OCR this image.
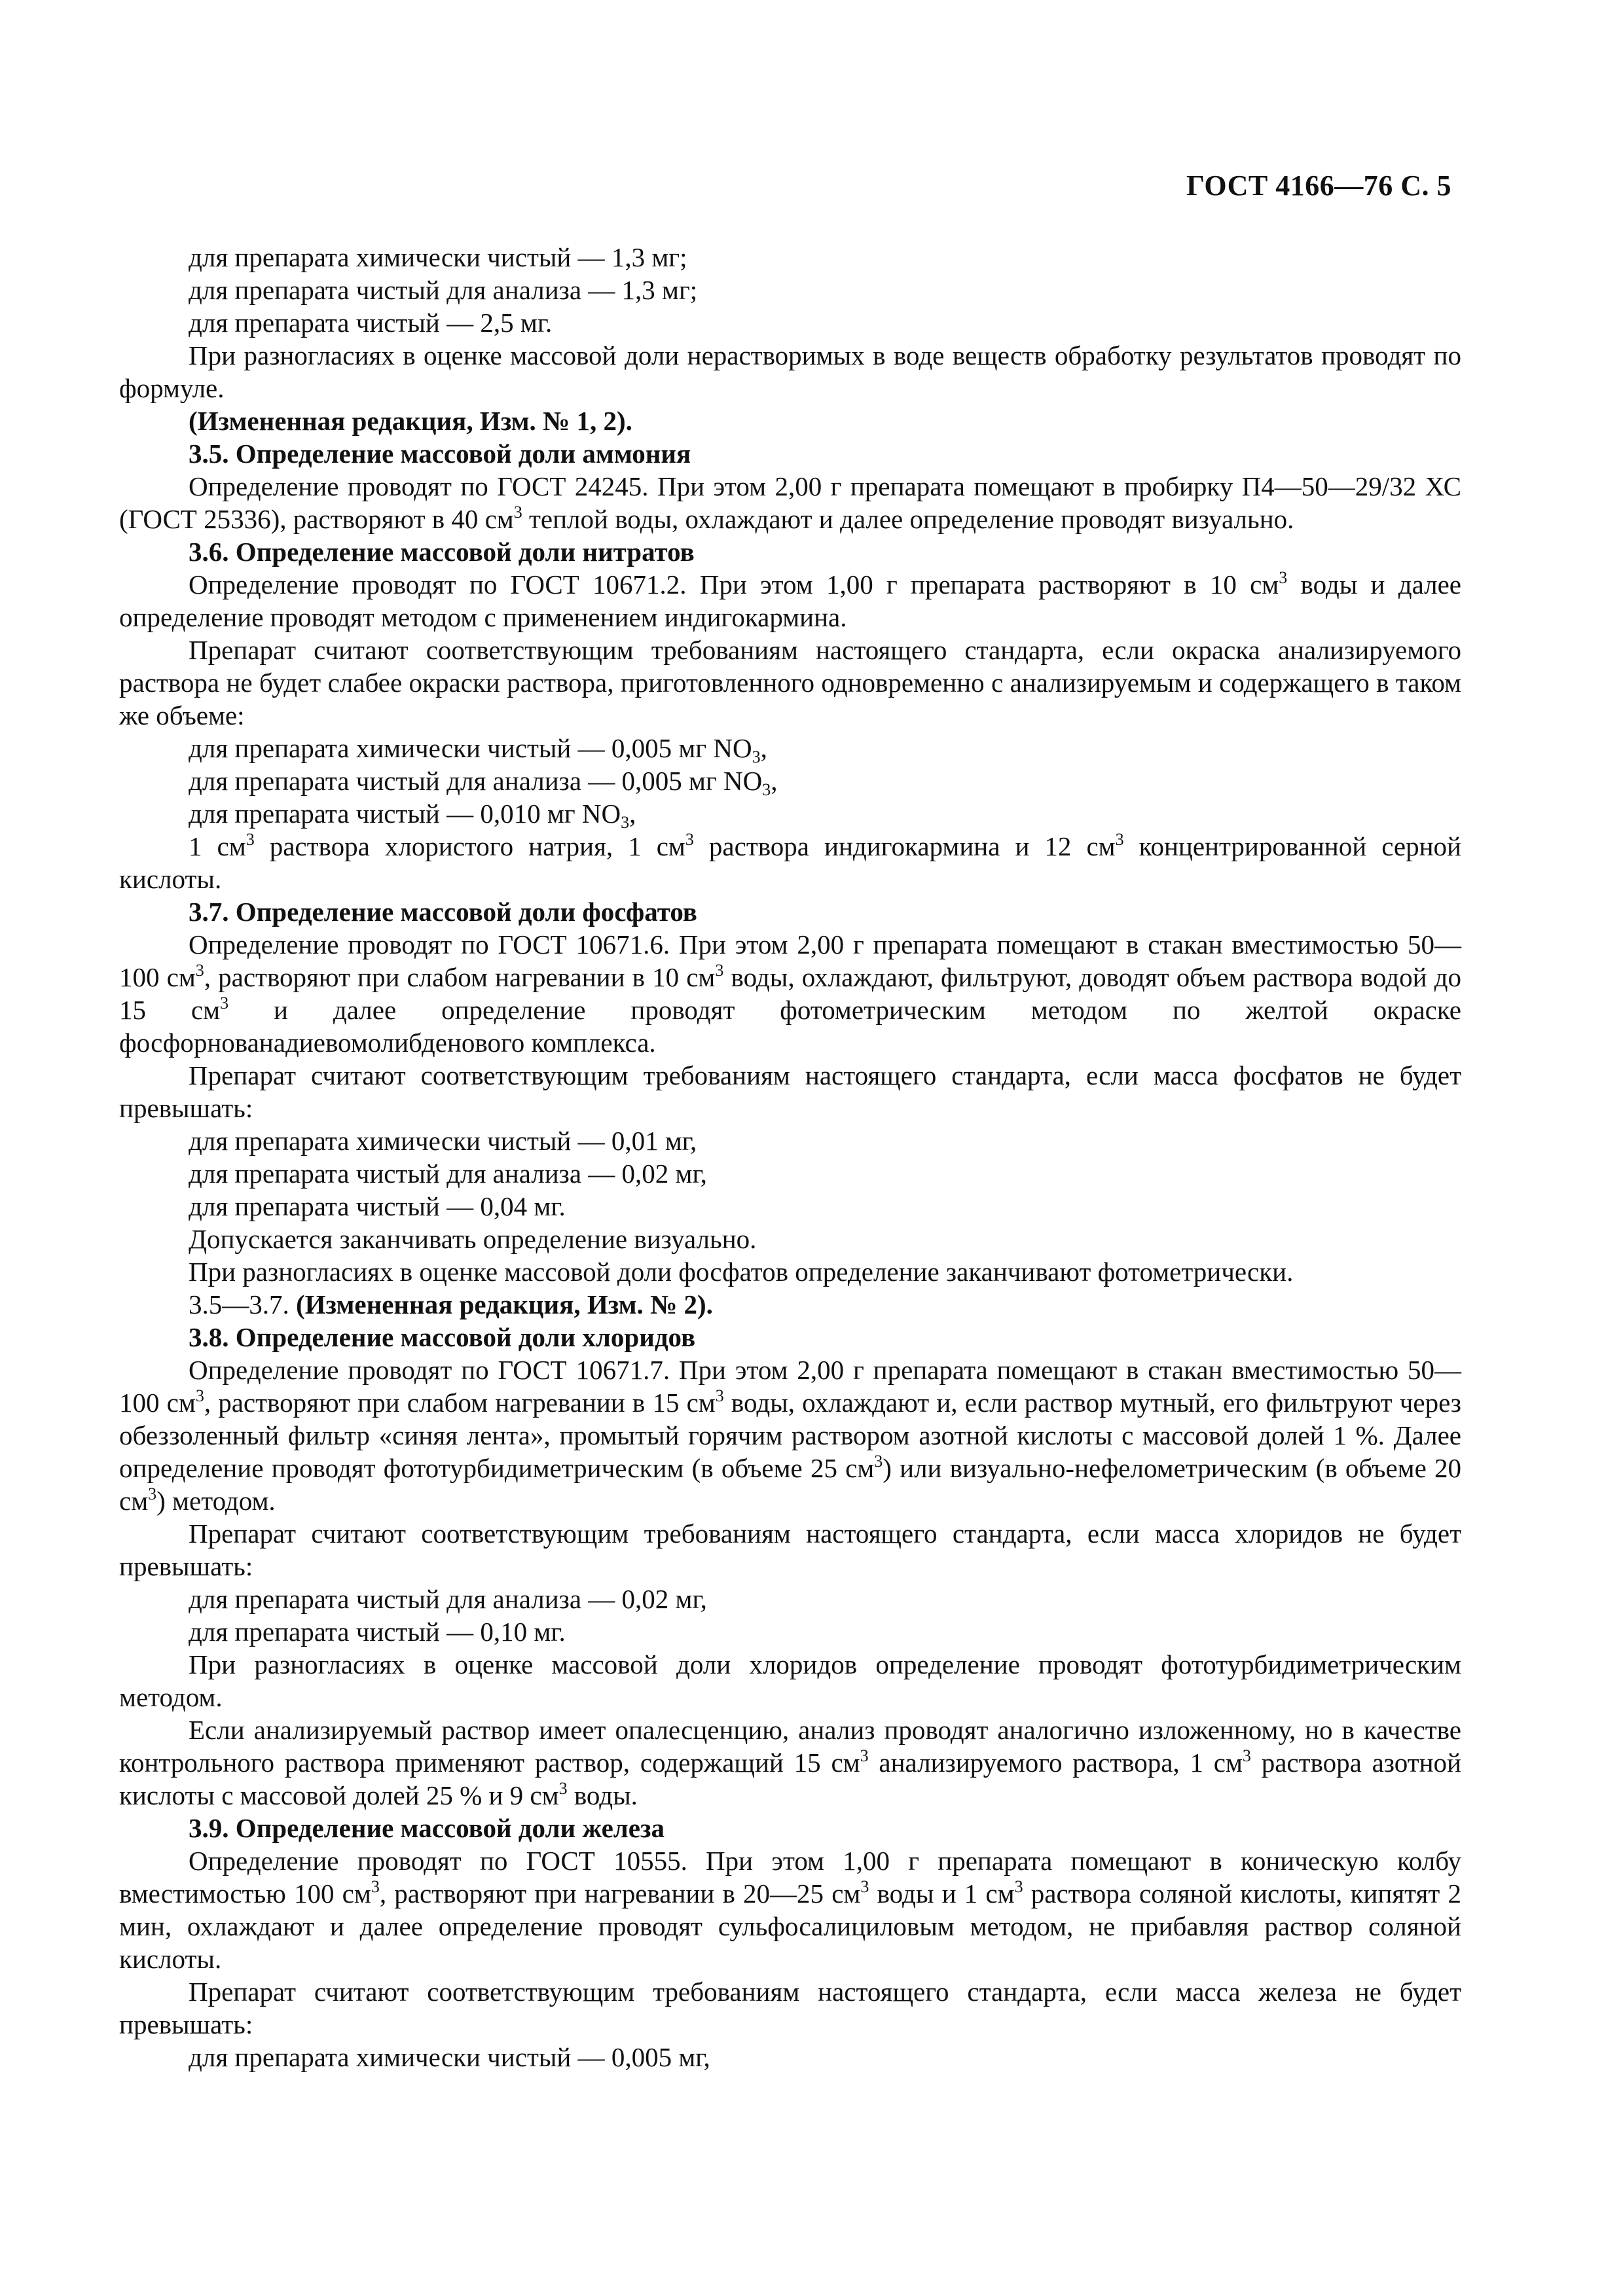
ГОСТ 4166—76 С. 5

для препарата химически чистый — 1,3 мг;

для препарата чистый для анализа — 1,3 мг;

для препарата чистый — 2,5 мг.

При разногласиях в оценке массовой доли нерастворимых в воде веществ обработку результатов проводят по формуле.

(Измененная редакция, Изм. № 1, 2).

3.5. Определение массовой доли аммония

Определение проводят по ГОСТ 24245. При этом 2,00 г препарата помещают в пробирку П4—50—29/32 ХС (ГОСТ 25336), растворяют в 40 $см^3$ теплой воды, охлаждают и далее определение проводят визуально.

3.6. Определение массовой доли нитратов

Определение проводят по ГОСТ 10671.2. При этом 1,00 г препарата растворяют в 10 $см^3$ воды и далее определение проводят методом с применением индигокармина.

Препарат считают соответствующим требованиям настоящего стандарта, если окраска анализируемого раствора не будет слабее окраски раствора, приготовленного одновременно с анализируемым и содержащего в таком же объеме:

для препарата химически чистый — 0,005 мг $NO_3$,

для препарата чистый для анализа — 0,005 мг $NO_3$,

для препарата чистый — 0,010 мг $NO_3$,

1 $см^3$ раствора хлористого натрия, 1 $см^3$ раствора индигокармина и 12 $см^3$ концентрированной серной кислоты.

3.7. Определение массовой доли фосфатов

Определение проводят по ГОСТ 10671.6. При этом 2,00 г препарата помещают в стакан вместимостью 50—100 $см^3$, растворяют при слабом нагревании в 10 $см^3$ воды, охлаждают, фильтруют, доводят объем раствора водой до 15 $см^3$ и далее определение проводят фотометрическим методом по желтой окраске фосфорнованадиевомолибденового комплекса.

Препарат считают соответствующим требованиям настоящего стандарта, если масса фосфатов не будет превышать:

для препарата химически чистый — 0,01 мг,

для препарата чистый для анализа — 0,02 мг,

для препарата чистый — 0,04 мг.

Допускается заканчивать определение визуально.

При разногласиях в оценке массовой доли фосфатов определение заканчивают фотометрически.

3.5—3.7. (Измененная редакция, Изм. № 2).

3.8. Определение массовой доли хлоридов

Определение проводят по ГОСТ 10671.7. При этом 2,00 г препарата помещают в стакан вместимостью 50—100 $см^3$, растворяют при слабом нагревании в 15 $см^3$ воды, охлаждают и, если раствор мутный, его фильтруют через обеззоленный фильтр «синяя лента», промытый горячим раствором азотной кислоты с массовой долей 1 %. Далее определение проводят фототурбидиметрическим (в объеме 25 $см^3$) или визуально-нефелометрическим (в объеме 20 $см^3$) методом.

Препарат считают соответствующим требованиям настоящего стандарта, если масса хлоридов не будет превышать:

для препарата чистый для анализа — 0,02 мг,

для препарата чистый — 0,10 мг.

При разногласиях в оценке массовой доли хлоридов определение проводят фототурбидиметрическим методом.

Если анализируемый раствор имеет опалесценцию, анализ проводят аналогично изложенному, но в качестве контрольного раствора применяют раствор, содержащий 15 $см^3$ анализируемого раствора, 1 $см^3$ раствора азотной кислоты с массовой долей 25 % и 9 $см^3$ воды.

3.9. Определение массовой доли железа

Определение проводят по ГОСТ 10555. При этом 1,00 г препарата помещают в коническую колбу вместимостью 100 $см^3$, растворяют при нагревании в 20—25 $см^3$ воды и 1 $см^3$ раствора соляной кислоты, кипятят 2 мин, охлаждают и далее определение проводят сульфосалициловым методом, не прибавляя раствор соляной кислоты.

Препарат считают соответствующим требованиям настоящего стандарта, если масса железа не будет превышать:

для препарата химически чистый — 0,005 мг,
